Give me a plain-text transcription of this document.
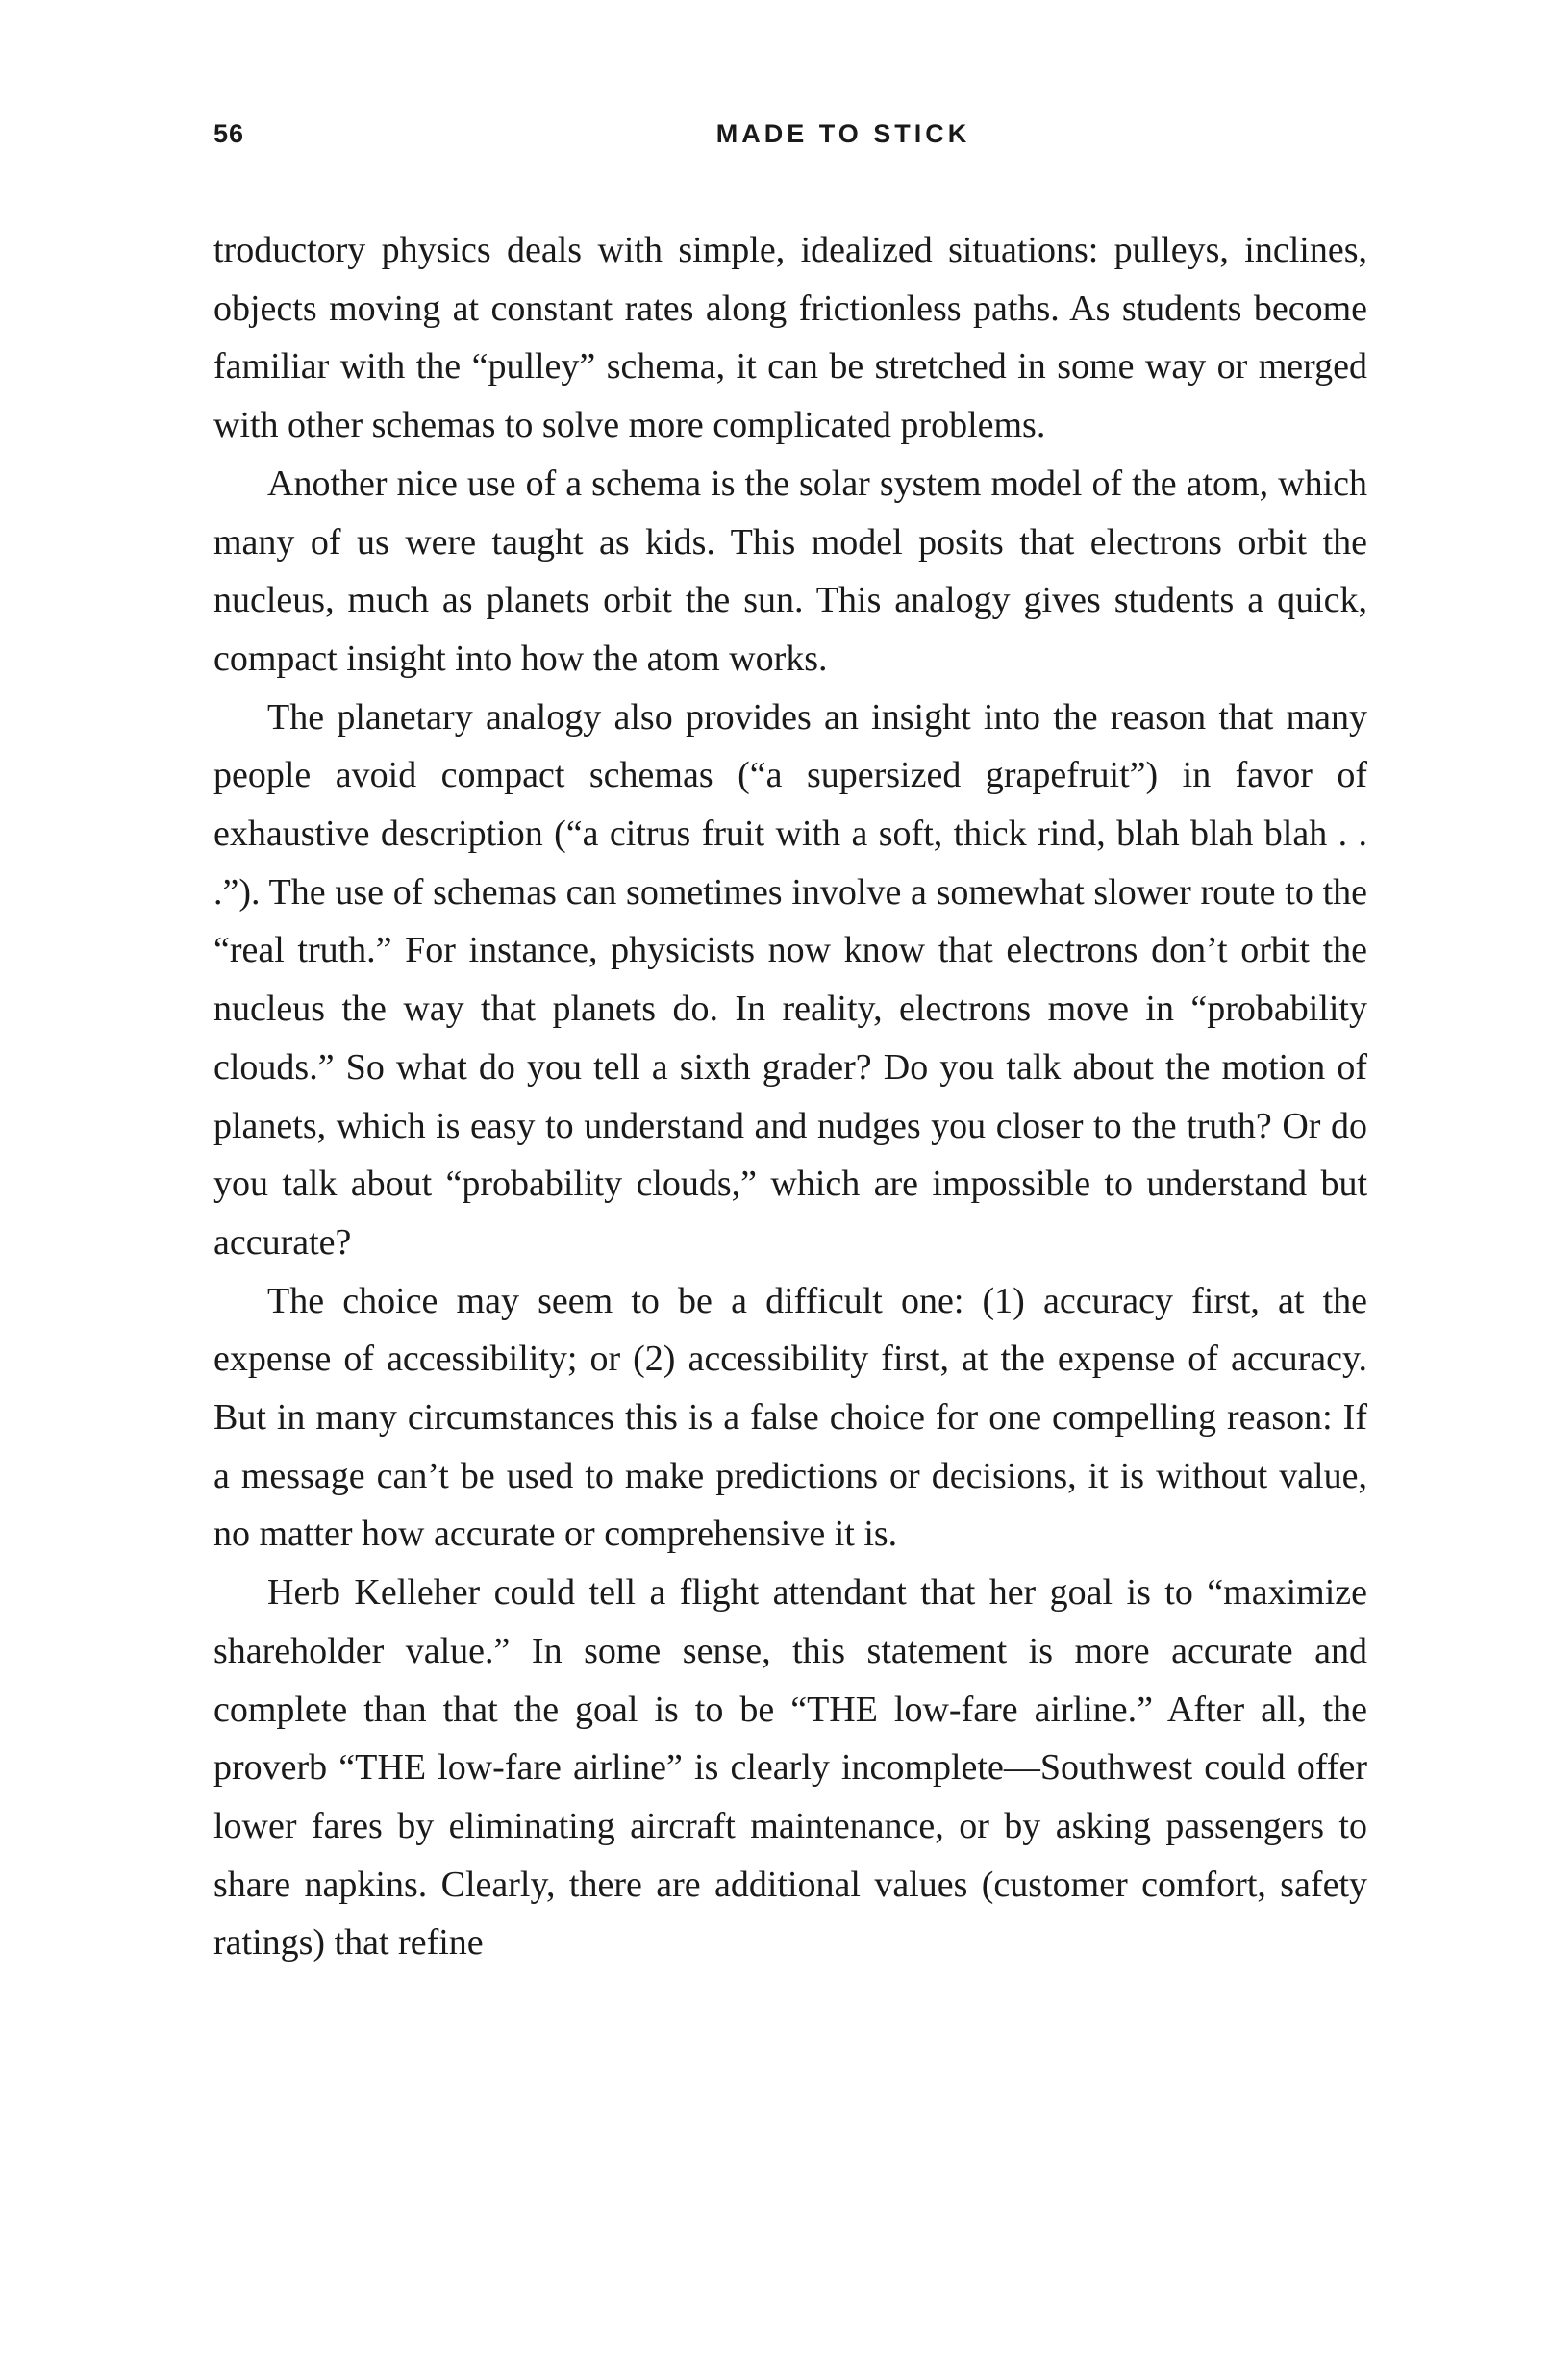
56	MADE TO STICK

troductory physics deals with simple, idealized situations: pulleys, inclines, objects moving at constant rates along frictionless paths. As students become familiar with the “pulley” schema, it can be stretched in some way or merged with other schemas to solve more complicated problems.

Another nice use of a schema is the solar system model of the atom, which many of us were taught as kids. This model posits that electrons orbit the nucleus, much as planets orbit the sun. This analogy gives students a quick, compact insight into how the atom works.

The planetary analogy also provides an insight into the reason that many people avoid compact schemas (“a supersized grapefruit”) in favor of exhaustive description (“a citrus fruit with a soft, thick rind, blah blah blah . . .”). The use of schemas can sometimes involve a somewhat slower route to the “real truth.” For instance, physicists now know that electrons don’t orbit the nucleus the way that planets do. In reality, electrons move in “probability clouds.” So what do you tell a sixth grader? Do you talk about the motion of planets, which is easy to understand and nudges you closer to the truth? Or do you talk about “probability clouds,” which are impossible to understand but accurate?

The choice may seem to be a difficult one: (1) accuracy first, at the expense of accessibility; or (2) accessibility first, at the expense of accuracy. But in many circumstances this is a false choice for one compelling reason: If a message can’t be used to make predictions or decisions, it is without value, no matter how accurate or comprehensive it is.

Herb Kelleher could tell a flight attendant that her goal is to “maximize shareholder value.” In some sense, this statement is more accurate and complete than that the goal is to be “THE low-fare airline.” After all, the proverb “THE low-fare airline” is clearly incomplete—Southwest could offer lower fares by eliminating aircraft maintenance, or by asking passengers to share napkins. Clearly, there are additional values (customer comfort, safety ratings) that refine
